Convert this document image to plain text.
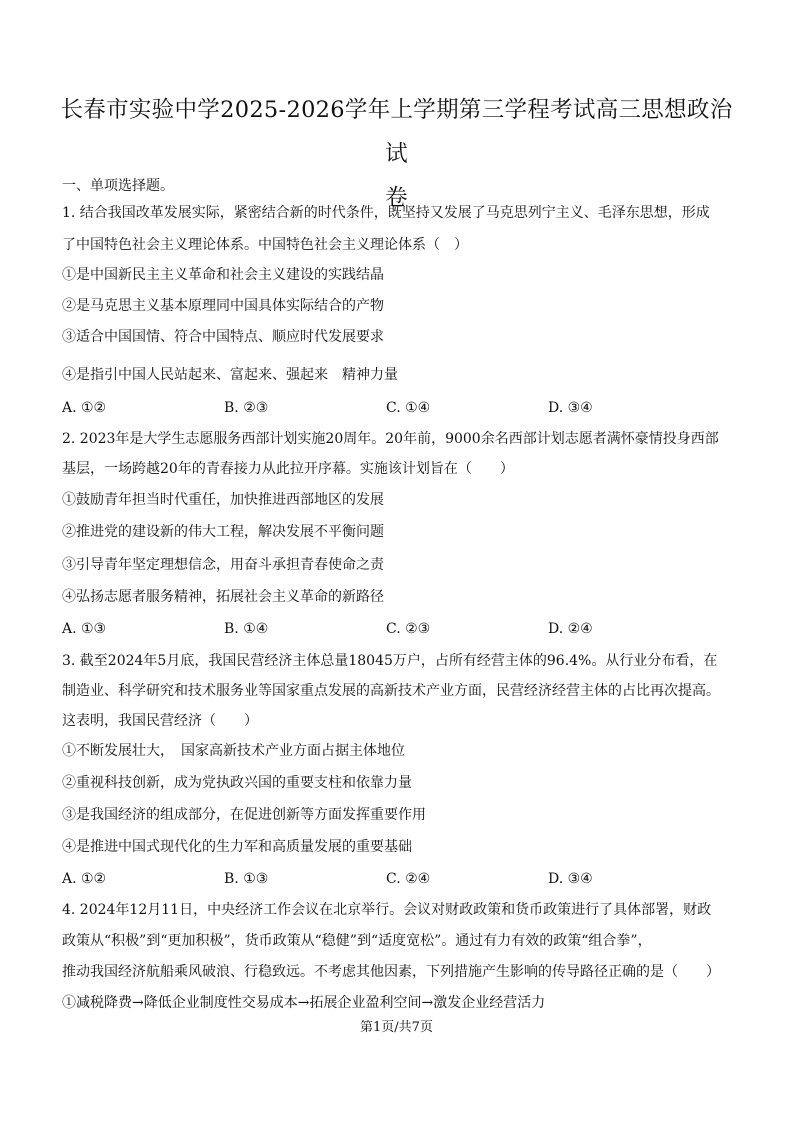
长春市实验中学2025-2026学年上学期第三学程考试高三思想政治试
卷
一、单项选择题。
1. 结合我国改革发展实际，紧密结合新的时代条件，既坚持又发展了马克思列宁主义、毛泽东思想，形成
了中国特色社会主义理论体系。中国特色社会主义理论体系（　）
①是中国新民主主义革命和社会主义建设的实践结晶
②是马克思主义基本原理同中国具体实际结合的产物
③适合中国国情、符合中国特点、顺应时代发展要求
④是指引中国人民站起来、富起来、强起来　精神力量
A. ①②	B. ②③	C. ①④	D. ③④
2. 2023年是大学生志愿服务西部计划实施20周年。20年前，9000余名西部计划志愿者满怀豪情投身西部
基层，一场跨越20年的青春接力从此拉开序幕。实施该计划旨在（　　）
①鼓励青年担当时代重任，加快推进西部地区的发展
②推进党的建设新的伟大工程，解决发展不平衡问题
③引导青年坚定理想信念，用奋斗承担青春使命之责
④弘扬志愿者服务精神，拓展社会主义革命的新路径
A. ①③	B. ①④	C. ②③	D. ②④
3. 截至2024年5月底，我国民营经济主体总量18045万户，占所有经营主体的96.4%。从行业分布看，在
制造业、科学研究和技术服务业等国家重点发展的高新技术产业方面，民营经济经营主体的占比再次提高。
这表明，我国民营经济（　　）
①不断发展壮大，　国家高新技术产业方面占据主体地位
②重视科技创新，成为党执政兴国的重要支柱和依靠力量
③是我国经济的组成部分，在促进创新等方面发挥重要作用
④是推进中国式现代化的生力军和高质量发展的重要基础
A. ①②	B. ①③	C. ②④	D. ③④
4. 2024年12月11日，中央经济工作会议在北京举行。会议对财政政策和货币政策进行了具体部署，财政
政策从“积极”到“更加积极”，货币政策从“稳健”到“适度宽松”。通过有力有效的政策“组合拳”，
推动我国经济航船乘风破浪、行稳致远。不考虑其他因素，下列措施产生影响的传导路径正确的是（　　）
①减税降费→降低企业制度性交易成本→拓展企业盈利空间→激发企业经营活力
第1页/共7页
